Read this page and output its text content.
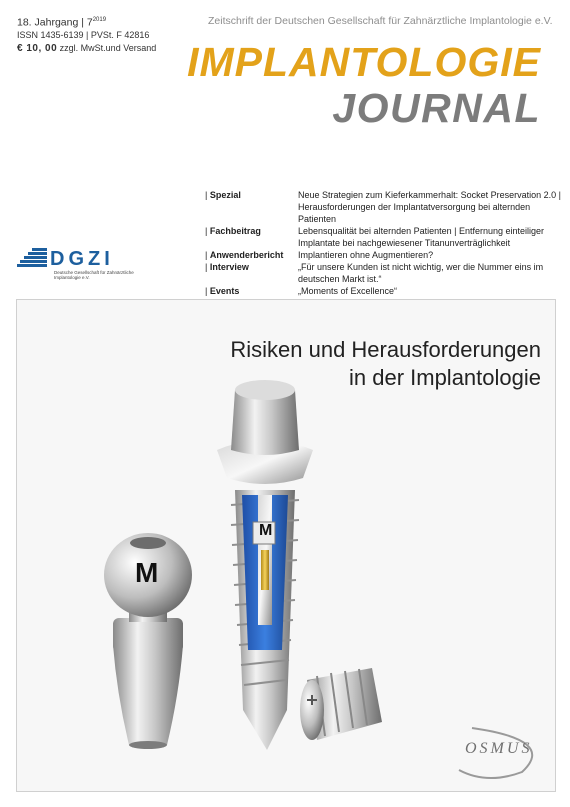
18. Jahrgang | $7^{2019}$
ISSN 1435-6139 | PVSt. F 42816
€ 10, 00 zzgl. MwSt.und Versand
Zeitschrift der Deutschen Gesellschaft für Zahnärztliche Implantologie e.V.
IMPLANTOLOGIE
JOURNAL
| Spezial	Neue Strategien zum Kieferkammerhalt: Socket Preservation 2.0 | Herausforderungen der Implantatversorgung bei alternden Patienten
| Fachbeitrag	Lebensqualität bei alternden Patienten | Entfernung einteiliger Implantate bei nachgewiesener Titanunverträglichkeit
| Anwenderbericht	Implantieren ohne Augmentieren?
| Interview	„Für unsere Kunden ist nicht wichtig, wer die Nummer eins im deutschen Markt ist.“
| Events	„Moments of Excellence“
DGZI
Deutsche Gesellschaft für Zahnärztliche Implantologie e.V.
Risiken und Herausforderungen
in der Implantologie
M
M
OSMUS
